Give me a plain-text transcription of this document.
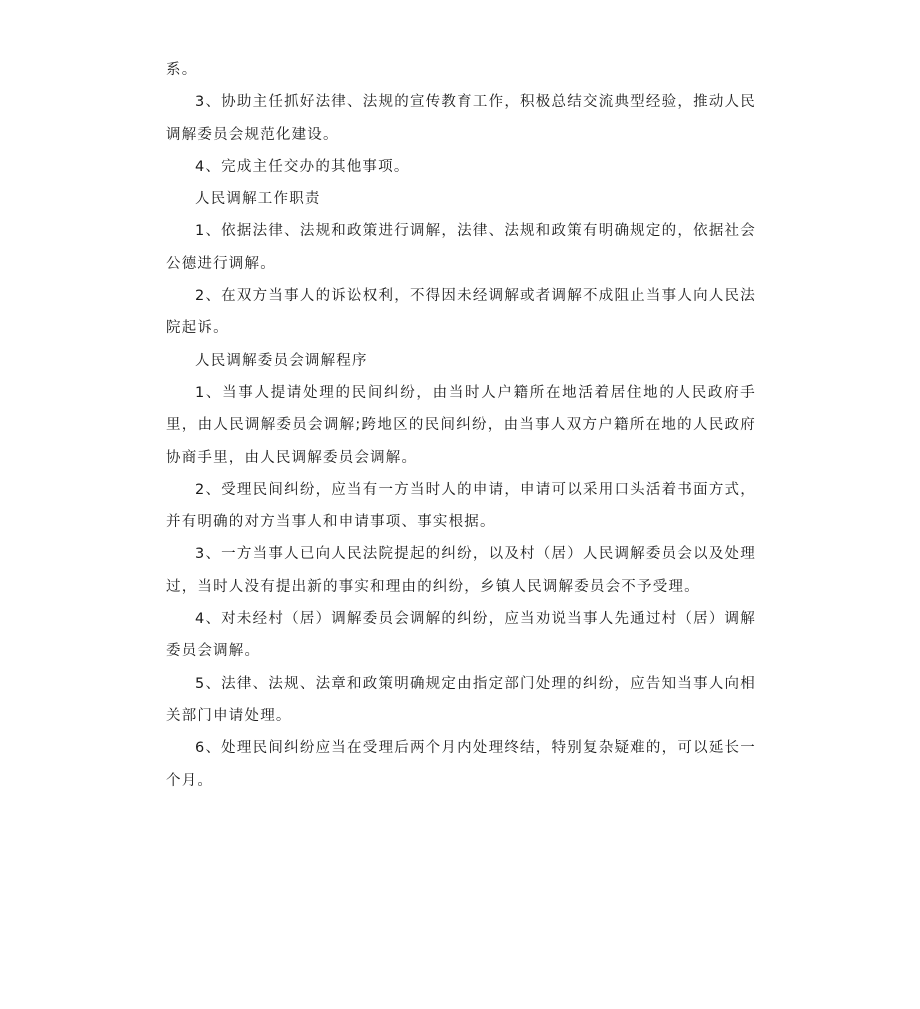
系。

3、协助主任抓好法律、法规的宣传教育工作，积极总结交流典型经验，推动人民调解委员会规范化建设。

4、完成主任交办的其他事项。

人民调解工作职责

1、依据法律、法规和政策进行调解，法律、法规和政策有明确规定的，依据社会公德进行调解。

2、在双方当事人的诉讼权利，不得因未经调解或者调解不成阻止当事人向人民法院起诉。

人民调解委员会调解程序

1、当事人提请处理的民间纠纷，由当时人户籍所在地活着居住地的人民政府手里，由人民调解委员会调解;跨地区的民间纠纷，由当事人双方户籍所在地的人民政府协商手里，由人民调解委员会调解。

2、受理民间纠纷，应当有一方当时人的申请，申请可以采用口头活着书面方式，并有明确的对方当事人和申请事项、事实根据。

3、一方当事人已向人民法院提起的纠纷，以及村（居）人民调解委员会以及处理过，当时人没有提出新的事实和理由的纠纷，乡镇人民调解委员会不予受理。

4、对未经村（居）调解委员会调解的纠纷，应当劝说当事人先通过村（居）调解委员会调解。

5、法律、法规、法章和政策明确规定由指定部门处理的纠纷，应告知当事人向相关部门申请处理。

6、处理民间纠纷应当在受理后两个月内处理终结，特别复杂疑难的，可以延长一个月。
